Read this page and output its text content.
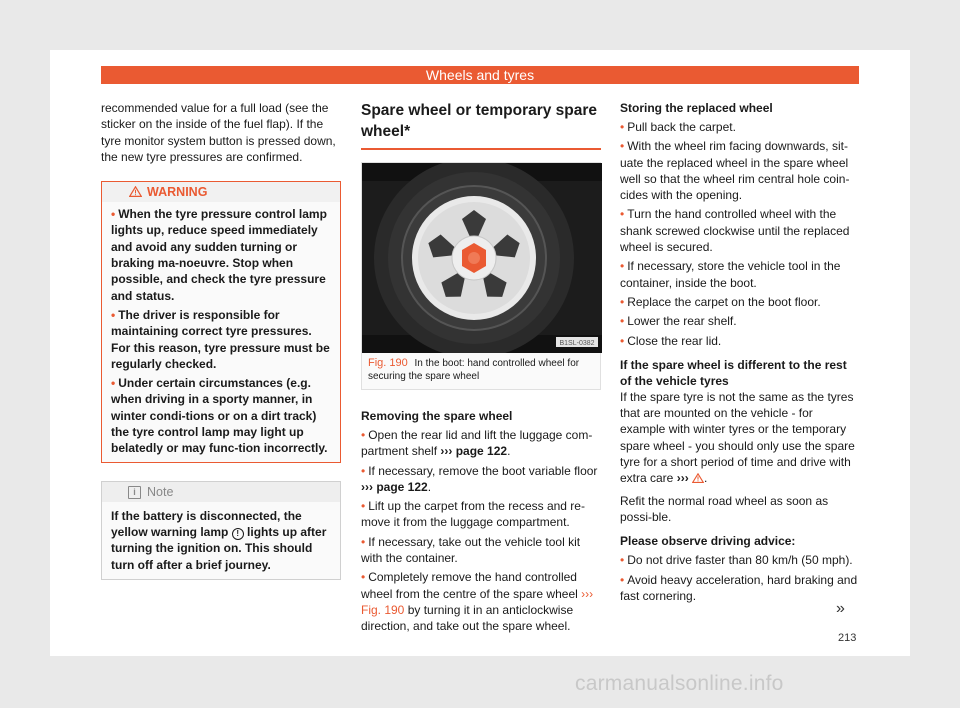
Wheels and tyres

recommended value for a full load (see the sticker on the inside of the fuel flap). If the tyre monitor system button is pressed down, the new tyre pressures are confirmed.

WARNING

• When the tyre pressure control lamp lights up, reduce speed immediately and avoid any sudden turning or braking ma-noeuvre. Stop when possible, and check the tyre pressure and status.

• The driver is responsible for maintaining correct tyre pressures. For this reason, tyre pressure must be regularly checked.

• Under certain circumstances (e.g. when driving in a sporty manner, in winter condi-tions or on a dirt track) the tyre control lamp may light up belatedly or may func-tion incorrectly.

i Note

If the battery is disconnected, the yellow warning lamp ! lights up after turning the ignition on. This should turn off after a brief journey.

Spare wheel or temporary spare wheel*
B1SL-0382
Fig. 190 In the boot: hand controlled wheel for securing the spare wheel

Removing the spare wheel

• Open the rear lid and lift the luggage com-partment shelf ››› page 122.

• If necessary, remove the boot variable floor ››› page 122.

• Lift up the carpet from the recess and re-move it from the luggage compartment.

• If necessary, take out the vehicle tool kit with the container.

• Completely remove the hand controlled wheel from the centre of the spare wheel ››› Fig. 190 by turning it in an anticlockwise direction, and take out the spare wheel.

Storing the replaced wheel

• Pull back the carpet.

• With the wheel rim facing downwards, sit-uate the replaced wheel in the spare wheel well so that the wheel rim central hole coin-cides with the opening.

• Turn the hand controlled wheel with the shank screwed clockwise until the replaced wheel is secured.

• If necessary, store the vehicle tool in the container, inside the boot.

• Replace the carpet on the boot floor.

• Lower the rear shelf.

• Close the rear lid.

If the spare wheel is different to the rest of the vehicle tyres

If the spare tyre is not the same as the tyres that are mounted on the vehicle - for example with winter tyres or the temporary spare wheel - you should only use the spare tyre for a short period of time and drive with extra care ››› .

Refit the normal road wheel as soon as possi-ble.

Please observe driving advice:

• Do not drive faster than 80 km/h (50 mph).

• Avoid heavy acceleration, hard braking and fast cornering.

»
213
carmanualsonline.info
